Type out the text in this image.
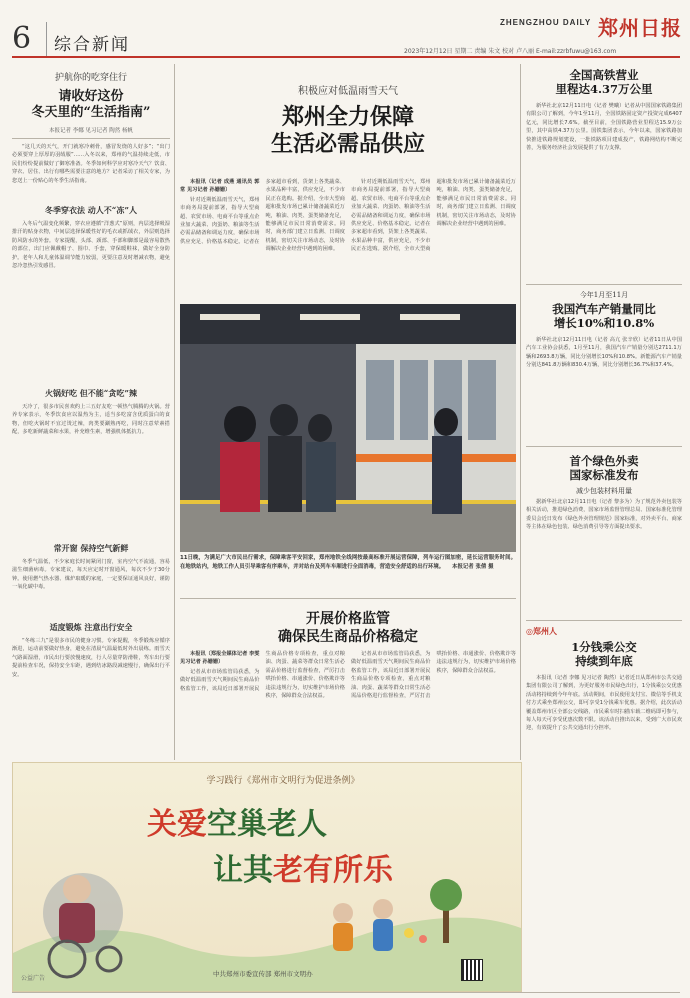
6	综合新闻
ZHENGZHOU DAILY 郑州日报
2023年12月12日 星期二 责编 朱文 校对 卢八丽 E-mail:zzrbfuwu@163.com
护航你的吃穿住行
请收好这份
冬天里的“生活指南”
本报记者 李娜 见习记者 陶然 杨帆

“这几天的天气，开门就寒冷刺骨，感冒发烧的人好多”；“出门必须要穿上厚厚的羽绒服”……入冬以来，郑州的气温持续走低，市民们纷纷提前做好了御寒准备。冬季如何科学应对寒冷天气？饮食、穿衣、居住、出行有哪些需要注意的地方？记者采访了相关专家，为您送上一份贴心的冬季生活指南。

冬季穿衣法 动人不“冻”人

入冬后气温变化频繁，穿衣应遵循“洋葱式”原则，内层选择吸湿排汗的贴身衣物，中间层选择保暖性好的毛衣或抓绒衣，外层则选择防风防水的外套。专家提醒，头部、颈部、手部和脚部是最容易散热的部位，出门应佩戴帽子、围巾、手套，穿保暖鞋袜，做好全身防护。老年人和儿童体温调节能力较弱，更要注意及时增减衣物，避免忽冷忽热引发感冒。

火锅好吃 但不能“贪吃”辣

天冷了，很多市民喜欢约上三五好友吃一顿热气腾腾的火锅。营养专家表示，冬季饮食应以温热为主，适当多吃富含优质蛋白的食物，但吃火锅时不宜过烫过辣，肉类要涮熟再吃，同时注意荤素搭配，多吃新鲜蔬菜和水果，补充维生素，增强机体抵抗力。

常开窗 保持空气新鲜

冬季气温低，不少家庭长时间紧闭门窗，室内空气不流通，容易滋生细菌病毒。专家建议，每天应定时开窗通风，每次不少于30分钟。使用燃气热水器、煤炉取暖的家庭，一定要保证通风良好，谨防一氧化碳中毒。

适度锻炼 注意出行安全

“冬练三九”是很多市民的健身习惯。专家提醒，冬季锻炼应循序渐进，运动前要做好热身，避免在清晨气温最低时外出晨练。雨雪天气路面湿滑，市民出行要放慢速度，行人尽量穿防滑鞋，驾车出行要提前检查车况，保持安全车距，遇到结冰路段减速慢行，确保出行平安。

积极应对低温雨雪天气
郑州全力保障
生活必需品供应

本报讯（记者 成燕 通讯员 郭常 见习记者 孙姗姗）

针对近期低温雨雪天气，郑州市商务局提前部署，指导大型商超、农贸市场、电商平台等重点企业加大蔬菜、肉蛋奶、粮油等生活必需品储备和调运力度，确保市场供应充足、价格基本稳定。记者在多家超市看到，货架上各类蔬菜、水果品种丰富，供应充足，不少市民正在选购。据介绍，全市大型商超和批发市场已累计储备蔬菜近万吨，粮油、肉类、蛋类储备充足，能够满足市民日常消费需求。同时，商务部门建立日监测、日调度机制，密切关注市场动态，及时协调解决企业经营中遇到的困难。

针对近期低温雨雪天气，郑州市商务局提前部署，指导大型商超、农贸市场、电商平台等重点企业加大蔬菜、肉蛋奶、粮油等生活必需品储备和调运力度，确保市场供应充足、价格基本稳定。记者在多家超市看到，货架上各类蔬菜、水果品种丰富，供应充足，不少市民正在选购。据介绍，全市大型商超和批发市场已累计储备蔬菜近万吨，粮油、肉类、蛋类储备充足，能够满足市民日常消费需求。同时，商务部门建立日监测、日调度机制，密切关注市场动态，及时协调解决企业经营中遇到的困难。

11日晚，为满足广大市民出行需求，保障乘客平安回家，郑州地铁全线网按最高标准开展运营保障，列车运行图加密，延长运营服务时间。在地铁站内，地铁工作人员引导乘客有序乘车，并对站台及列车车厢进行全面消毒，营造安全舒适的出行环境。 本报记者 张倩 摄
开展价格监管
确保民生商品价格稳定

本报讯（郑报全媒体记者 李雯 见习记者 孙姗姗）

记者从市市场监管局获悉，为做好低温雨雪天气期间民生商品价格监管工作，该局近日部署开展民生商品价格专项检查，重点对粮油、肉蛋、蔬菜等群众日常生活必需品价格进行监督检查，严厉打击哄抬价格、串通涨价、价格欺诈等违法违规行为，切实维护市场价格秩序，保障群众合法权益。

记者从市市场监管局获悉，为做好低温雨雪天气期间民生商品价格监管工作，该局近日部署开展民生商品价格专项检查，重点对粮油、肉蛋、蔬菜等群众日常生活必需品价格进行监督检查，严厉打击哄抬价格、串通涨价、价格欺诈等违法违规行为，切实维护市场价格秩序，保障群众合法权益。

全国高铁营业
里程达4.37万公里

新华社北京12月11日电（记者 樊曦）记者从中国国家铁路集团有限公司了解到，今年1至11月，全国铁路固定资产投资完成6407亿元，同比增长7.6%。截至目前，全国铁路营业里程达15.9万公里，其中高铁4.37万公里。国铁集团表示，今年以来，国家铁路加快推进铁路规划建设，一批铁路项目建成投产，铁路网结构不断完善，为服务经济社会发展提供了有力支撑。

今年1月至11月
我国汽车产销量同比
增长10%和10.8%

新华社北京12月11日电（记者 高亢 张辛欣）记者11日从中国汽车工业协会获悉，1月至11月，我国汽车产销量分别达2711.1万辆和2693.8万辆，同比分别增长10%和10.8%。新能源汽车产销量分别达841.8万辆和830.4万辆，同比分别增长36.7%和37.4%。

首个绿色外卖
国家标准发布
减少包装材料用量

据新华社北京12月11日电（记者 黎多为）为了规范外卖包装等相关活动，推进绿色消费，国家市场监督管理总局、国家标准化管理委员会近日发布《绿色外卖管理规范》国家标准，对外卖平台、商家等主体在绿色包装、绿色消费引导等方面提出要求。

◎郑州人
1分钱乘公交
持续到年底

本报讯（记者 李娜 见习记者 陶然）记者近日从郑州市公共交通集团有限公司了解到，为更好服务市民绿色出行，1分钱乘公交优惠活动将持续到今年年底。活动期间，市民使用支付宝、微信等手机支付方式乘坐郑州公交，即可享受1分钱乘车优惠。据介绍，此次活动覆盖郑州市区全部公交线路，市民乘车时扫描车载二维码即可参与，每人每天可享受优惠次数不限。该活动自推出以来，受到广大市民欢迎，有效提升了公共交通出行分担率。

学习践行《郑州市文明行为促进条例》
关爱空巢老人
让其老有所乐
中共郑州市委宣传部 郑州市文明办
公益广告
